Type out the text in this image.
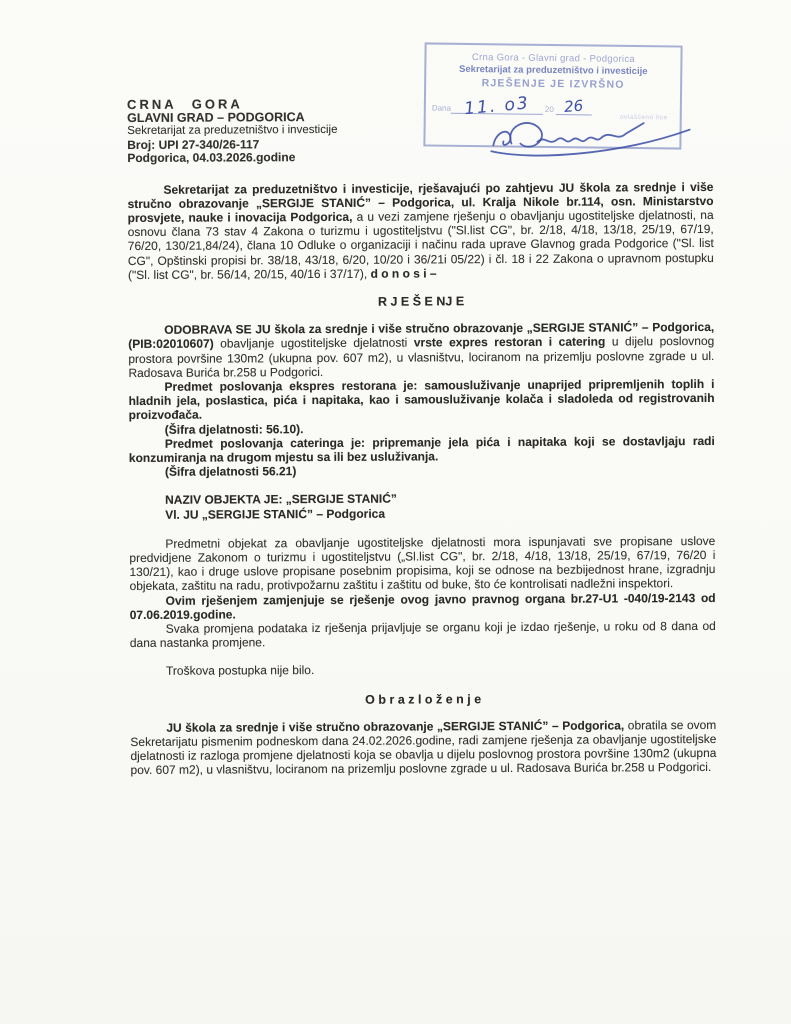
Crna Gora - Glavni grad - Podgorica
Sekretarijat za preduzetništvo i investicije
RJEŠENJE JE IZVRŠNO
Dana 11. o3	20 26
ovlašćeno lice
CRNA GORA
GLAVNI GRAD – PODGORICA
Sekretarijat za preduzetništvo i investicije
Broj: UPI 27-340/26-117
Podgorica, 04.03.2026.godine

Sekretarijat za preduzetništvo i investicije, rješavajući po zahtjevu JU škola za srednje i više stručno obrazovanje „SERGIJE STANIĆ” – Podgorica, ul. Kralja Nikole br.114, osn. Ministarstvo prosvjete, nauke i inovacija Podgorica, a u vezi zamjene rješenju o obavljanju ugostiteljske djelatnosti, na osnovu člana 73 stav 4 Zakona o turizmu i ugostiteljstvu ("Sl.list CG", br. 2/18, 4/18, 13/18, 25/19, 67/19, 76/20, 130/21,84/24), člana 10 Odluke o organizaciji i načinu rada uprave Glavnog grada Podgorice ("Sl. list CG", Opštinski propisi br. 38/18, 43/18, 6/20, 10/20 i 36/21i 05/22) i čl. 18 i 22 Zakona o upravnom postupku ("Sl. list CG", br. 56/14, 20/15, 40/16 i 37/17), d o n o s i –

R J E Š E NJ E

ODOBRAVA SE JU škola za srednje i više stručno obrazovanje „SERGIJE STANIĆ” – Podgorica, (PIB:02010607) obavljanje ugostiteljske djelatnosti vrste expres restoran i catering u dijelu poslovnog prostora površine 130m2 (ukupna pov. 607 m2), u vlasništvu, lociranom na prizemlju poslovne zgrade u ul. Radosava Burića br.258 u Podgorici.

Predmet poslovanja ekspres restorana je: samousluživanje unaprijed pripremljenih toplih i hladnih jela, poslastica, pića i napitaka, kao i samousluživanje kolača i sladoleda od registrovanih proizvođača.

(Šifra djelatnosti: 56.10).

Predmet poslovanja cateringa je: pripremanje jela pića i napitaka koji se dostavljaju radi konzumiranja na drugom mjestu sa ili bez usluživanja.

(Šifra djelatnosti 56.21)

NAZIV OBJEKTA JE: „SERGIJE STANIĆ”

Vl. JU „SERGIJE STANIĆ” – Podgorica

Predmetni objekat za obavljanje ugostiteljske djelatnosti mora ispunjavati sve propisane uslove predvidjene Zakonom o turizmu i ugostiteljstvu („Sl.list CG", br. 2/18, 4/18, 13/18, 25/19, 67/19, 76/20 i 130/21), kao i druge uslove propisane posebnim propisima, koji se odnose na bezbijednost hrane, izgradnju objekata, zaštitu na radu, protivpožarnu zaštitu i zaštitu od buke, što će kontrolisati nadležni inspektori.

Ovim rješenjem zamjenjuje se rješenje ovog javno pravnog organa br.27-U1 -040/19-2143 od 07.06.2019.godine.

Svaka promjena podataka iz rješenja prijavljuje se organu koji je izdao rješenje, u roku od 8 dana od dana nastanka promjene.

Troškova postupka nije bilo.

O b r a z l o ž e n j e

JU škola za srednje i više stručno obrazovanje „SERGIJE STANIĆ” – Podgorica, obratila se ovom Sekretarijatu pismenim podneskom dana 24.02.2026.godine, radi zamjene rješenja za obavljanje ugostiteljske djelatnosti iz razloga promjene djelatnosti koja se obavlja u dijelu poslovnog prostora površine 130m2 (ukupna pov. 607 m2), u vlasništvu, lociranom na prizemlju poslovne zgrade u ul. Radosava Burića br.258 u Podgorici.
